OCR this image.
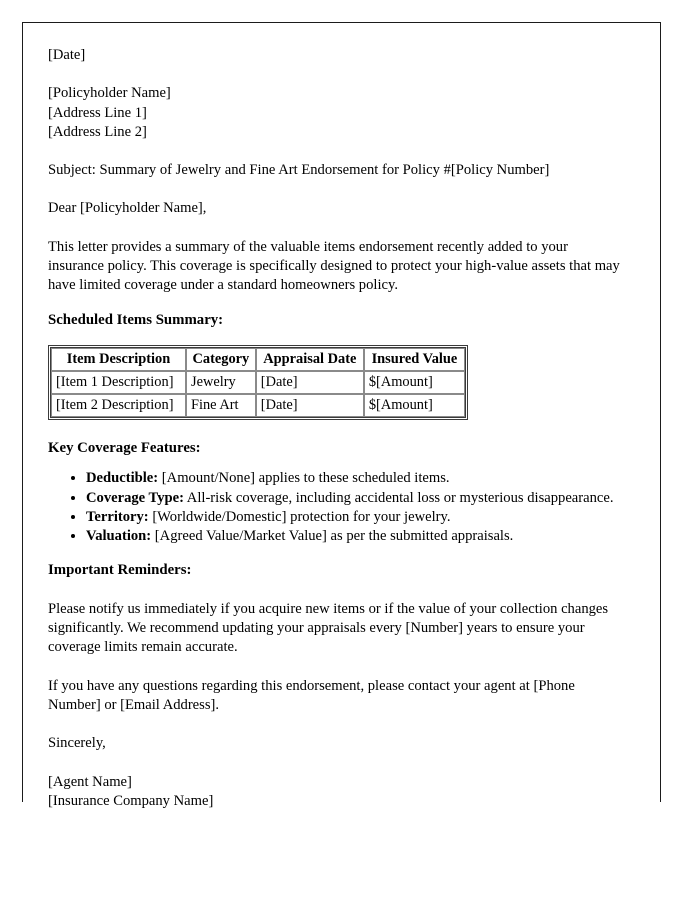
[Date]

[Policyholder Name]
[Address Line 1]
[Address Line 2]

Subject: Summary of Jewelry and Fine Art Endorsement for Policy #[Policy Number]

Dear [Policyholder Name],

This letter provides a summary of the valuable items endorsement recently added to your insurance policy. This coverage is specifically designed to protect your high-value assets that may have limited coverage under a standard homeowners policy.

Scheduled Items Summary:
Item Description	Category	Appraisal Date	Insured Value
[Item 1 Description]	Jewelry	[Date]	$[Amount]
[Item 2 Description]	Fine Art	[Date]	$[Amount]
Key Coverage Features:
• Deductible: [Amount/None] applies to these scheduled items.
• Coverage Type: All-risk coverage, including accidental loss or mysterious disappearance.
• Territory: [Worldwide/Domestic] protection for your jewelry.
• Valuation: [Agreed Value/Market Value] as per the submitted appraisals.
Important Reminders:

Please notify us immediately if you acquire new items or if the value of your collection changes significantly. We recommend updating your appraisals every [Number] years to ensure your coverage limits remain accurate.

If you have any questions regarding this endorsement, please contact your agent at [Phone Number] or [Email Address].

Sincerely,

[Agent Name]
[Insurance Company Name]
